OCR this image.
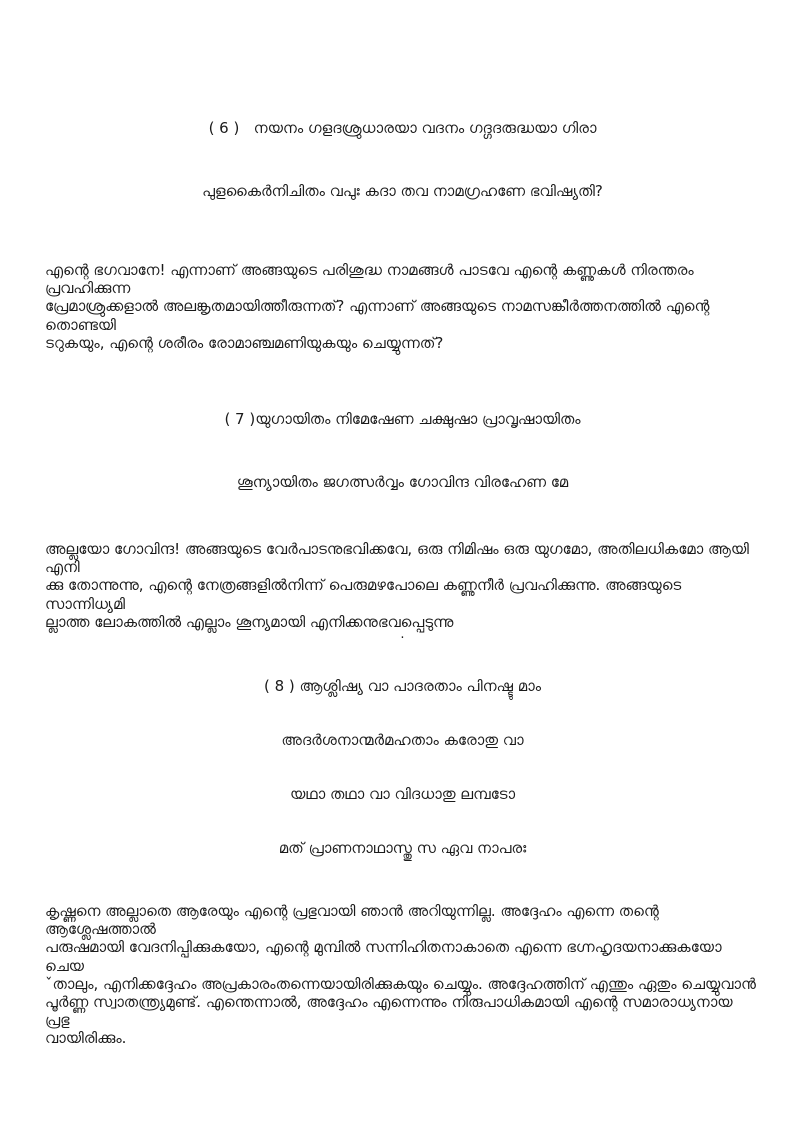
( 6 )   നയനം ഗളദശ്രുധാരയാ വദനം ഗദ്ഗദരുദ്ധയാ ഗിരാ

പുളകൈർനിചിതം വപുഃ കദാ തവ നാമഗ്രഹണേ ഭവിഷ്യതി?

എന്റെ ഭഗവാനേ! എന്നാണ് അങ്ങയുടെ പരിശുദ്ധ നാമങ്ങൾ പാടവേ എന്റെ കണ്ണുകൾ നിരന്തരം പ്രവഹിക്കുന്ന
പ്രേമാശ്രുക്കളാൽ അലങ്കൃതമായിത്തീരുന്നത്? എന്നാണ് അങ്ങയുടെ നാമസങ്കീർത്തനത്തിൽ എന്റെ തൊണ്ടയി
ടറുകയും, എന്റെ ശരീരം രോമാഞ്ചമണിയുകയും ചെയ്യുന്നത്?

( 7 )യുഗായിതം നിമേഷേണ ചക്ഷുഷാ പ്രാവൃഷായിതം

ശൂന്യായിതം ജഗത്സർവ്വം ഗോവിന്ദ വിരഹേണ മേ

അല്ലയോ ഗോവിന്ദ! അങ്ങയുടെ വേർപാടനുഭവിക്കവേ, ഒരു നിമിഷം ഒരു യുഗമോ, അതിലധികമോ ആയി എനി
ക്കു തോന്നുന്നു, എന്റെ നേത്രങ്ങളിൽനിന്ന് പെരുമഴപോലെ കണ്ണുനീർ പ്രവഹിക്കുന്നു. അങ്ങയുടെ സാന്നിധ്യമി
ല്ലാത്ത ലോകത്തിൽ എല്ലാം ശൂന്യമായി എനിക്കനുഭവപ്പെടുന്നു
.

( 8 ) ആശ്ലിഷ്യ വാ പാദരതാം പിനഷ്ടു മാം

അദർശനാന്മർമഹതാം കരോതു വാ

യഥാ തഥാ വാ വിദധാതു ലമ്പടോ

മത് പ്രാണനാഥാസ്തു സ ഏവ നാപരഃ

കൃഷ്ണനെ അല്ലാതെ ആരേയും എന്റെ പ്രഭുവായി ഞാൻ അറിയുന്നില്ല. അദ്ദേഹം എന്നെ തന്റെ ആശ്ലേഷത്താൽ
പരുഷമായി വേദനിപ്പിക്കുകയോ, എന്റെ മുമ്പിൽ സന്നിഹിതനാകാതെ എന്നെ ഭഗ്നഹൃദയനാക്കുകയോ ചെയ
ˇതാലും, എനിക്കദ്ദേഹം അപ്രകാരംതന്നെയായിരിക്കുകയും ചെയ്യും. അദ്ദേഹത്തിന് എന്തും ഏതും ചെയ്യുവാൻ
പൂർണ്ണ സ്വാതന്ത്ര്യമുണ്ട്. എന്തെന്നാൽ, അദ്ദേഹം എന്നെന്നും നിരുപാധികമായി എന്റെ സമാരാധ്യനായ പ്രഭു
വായിരിക്കും.
